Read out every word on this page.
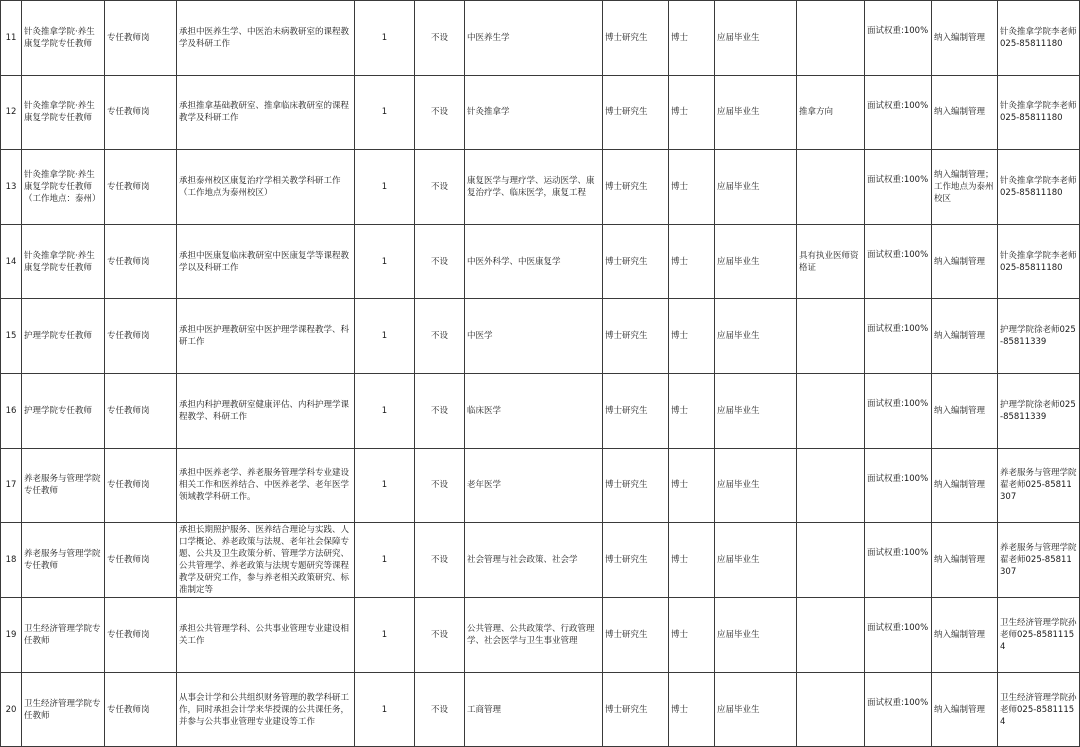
11	针灸推拿学院·养生康复学院专任教师	专任教师岗	承担中医养生学、中医治未病教研室的课程教学及科研工作	1	不设	中医养生学	博士研究生	博士	应届毕业生		面试权重:100%	纳入编制管理	针灸推拿学院李老师025-85811180
12	针灸推拿学院·养生康复学院专任教师	专任教师岗	承担推拿基础教研室、推拿临床教研室的课程教学及科研工作	1	不设	针灸推拿学	博士研究生	博士	应届毕业生	推拿方向	面试权重:100%	纳入编制管理	针灸推拿学院李老师025-85811180
13	针灸推拿学院·养生康复学院专任教师（工作地点：泰州）	专任教师岗	承担泰州校区康复治疗学相关教学科研工作（工作地点为泰州校区）	1	不设	康复医学与理疗学、运动医学、康复治疗学、临床医学，康复工程	博士研究生	博士	应届毕业生		面试权重:100%	纳入编制管理；工作地点为泰州校区	针灸推拿学院李老师025-85811180
14	针灸推拿学院·养生康复学院专任教师	专任教师岗	承担中医康复临床教研室中医康复学等课程教学以及科研工作	1	不设	中医外科学、中医康复学	博士研究生	博士	应届毕业生	具有执业医师资格证	面试权重:100%	纳入编制管理	针灸推拿学院李老师025-85811180
15	护理学院专任教师	专任教师岗	承担中医护理教研室中医护理学课程教学、科研工作	1	不设	中医学	博士研究生	博士	应届毕业生		面试权重:100%	纳入编制管理	护理学院徐老师025-85811339
16	护理学院专任教师	专任教师岗	承担内科护理教研室健康评估、内科护理学课程教学、科研工作	1	不设	临床医学	博士研究生	博士	应届毕业生		面试权重:100%	纳入编制管理	护理学院徐老师025-85811339
17	养老服务与管理学院专任教师	专任教师岗	承担中医养老学、养老服务管理学科专业建设相关工作和医养结合、中医养老学、老年医学领域教学科研工作。	1	不设	老年医学	博士研究生	博士	应届毕业生		面试权重:100%	纳入编制管理	养老服务与管理学院翟老师025-85811307
18	养老服务与管理学院专任教师	专任教师岗	承担长期照护服务、医养结合理论与实践、人口学概论、养老政策与法规、老年社会保障专题、公共及卫生政策分析、管理学方法研究、公共管理学、养老政策与法规专题研究等课程教学及研究工作，参与养老相关政策研究、标准制定等	1	不设	社会管理与社会政策、社会学	博士研究生	博士	应届毕业生		面试权重:100%	纳入编制管理	养老服务与管理学院翟老师025-85811307
19	卫生经济管理学院专任教师	专任教师岗	承担公共管理学科、公共事业管理专业建设相关工作	1	不设	公共管理、公共政策学、行政管理学、社会医学与卫生事业管理	博士研究生	博士	应届毕业生		面试权重:100%	纳入编制管理	卫生经济管理学院孙老师025-85811154
20	卫生经济管理学院专任教师	专任教师岗	从事会计学和公共组织财务管理的教学科研工作，同时承担会计学来华授课的公共课任务，并参与公共事业管理专业建设等工作	1	不设	工商管理	博士研究生	博士	应届毕业生		面试权重:100%	纳入编制管理	卫生经济管理学院孙老师025-85811154
